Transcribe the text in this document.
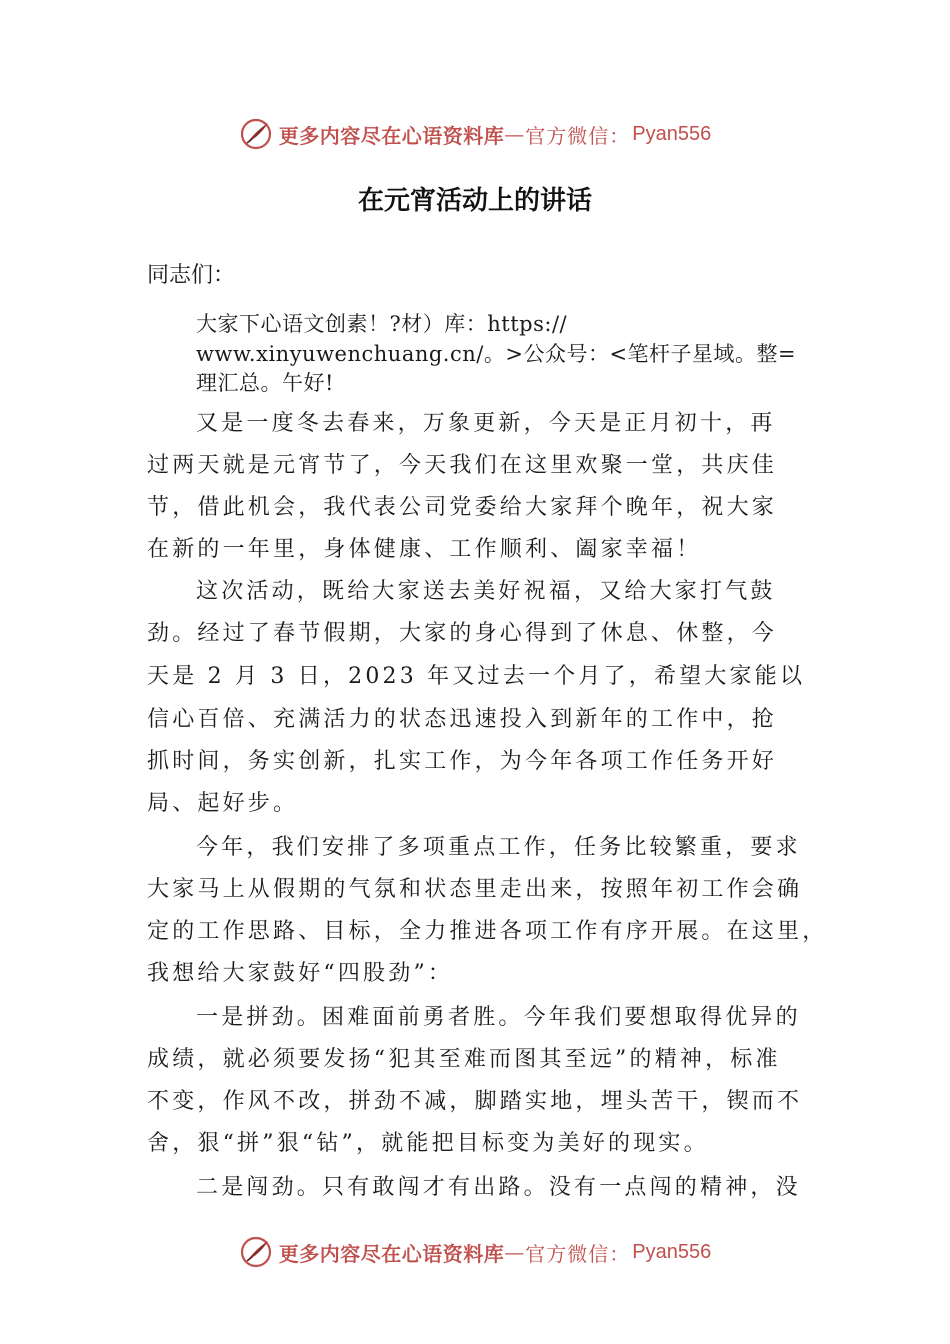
更多内容尽在心语资料库 — 官方微信： Pyan556
在元宵活动上的讲话
同志们：
大家下心语文创素！?材）库：https://
www.xinyuwenchuang.cn/。>公众号：<笔杆子星域。整=
理汇总。午好!
又是一度冬去春来，万象更新，今天是正月初十，再
过两天就是元宵节了，今天我们在这里欢聚一堂，共庆佳
节，借此机会，我代表公司党委给大家拜个晚年，祝大家
在新的一年里，身体健康、工作顺利、阖家幸福！
这次活动，既给大家送去美好祝福，又给大家打气鼓
劲。经过了春节假期，大家的身心得到了休息、休整，今
天是 2 月 3 日，2023 年又过去一个月了，希望大家能以
信心百倍、充满活力的状态迅速投入到新年的工作中，抢
抓时间，务实创新，扎实工作，为今年各项工作任务开好
局、起好步。
今年，我们安排了多项重点工作，任务比较繁重，要求
大家马上从假期的气氛和状态里走出来，按照年初工作会确
定的工作思路、目标，全力推进各项工作有序开展。在这里，
我想给大家鼓好“四股劲”：
一是拼劲。困难面前勇者胜。今年我们要想取得优异的
成绩，就必须要发扬“犯其至难而图其至远”的精神，标准
不变，作风不改，拼劲不减，脚踏实地，埋头苦干，锲而不
舍，狠“拼”狠“钻”，就能把目标变为美好的现实。
二是闯劲。只有敢闯才有出路。没有一点闯的精神，没
更多内容尽在心语资料库 — 官方微信： Pyan556
